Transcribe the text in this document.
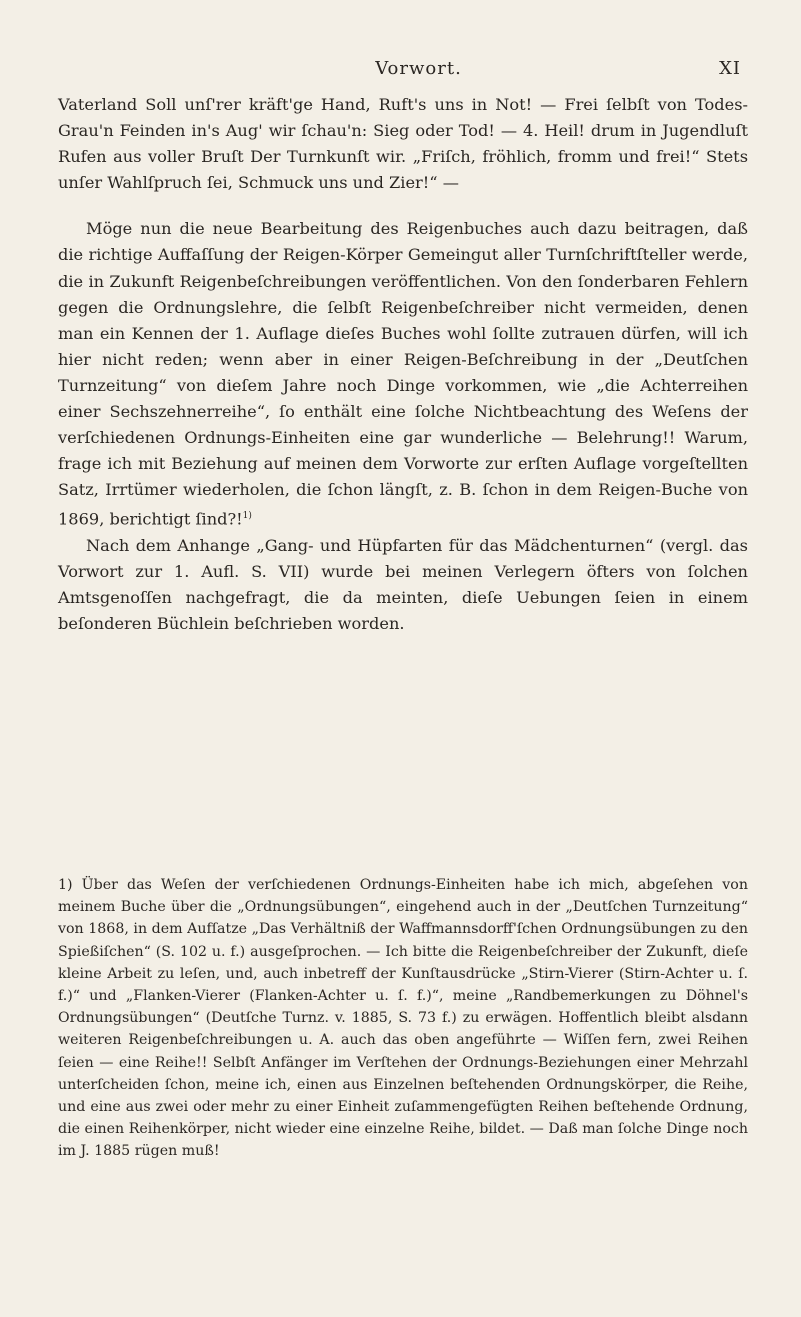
Vorwort.	XI

Vaterland Soll unſ'rer kräft'ge Hand, Ruft's uns in Not! — Frei ſelbſt von Todes-Grau'n Feinden in's Aug' wir ſchau'n: Sieg oder Tod! — 4. Heil! drum in Jugendluſt Rufen aus voller Bruſt Der Turnkunſt wir. „Friſch, fröhlich, fromm und frei!“ Stets unſer Wahlſpruch ſei, Schmuck uns und Zier!“ —

Möge nun die neue Bearbeitung des Reigenbuches auch dazu beitragen, daß die richtige Auffaſſung der Reigen-Körper Gemeingut aller Turnſchriftſteller werde, die in Zukunft Reigenbeſchreibungen veröffentlichen. Von den ſonderbaren Fehlern gegen die Ordnungslehre, die ſelbſt Reigenbeſchreiber nicht vermeiden, denen man ein Kennen der 1. Auflage dieſes Buches wohl ſollte zutrauen dürfen, will ich hier nicht reden; wenn aber in einer Reigen-Beſchreibung in der „Deutſchen Turnzeitung“ von dieſem Jahre noch Dinge vorkommen, wie „die Achterreihen einer Sechszehnerreihe“, ſo enthält eine ſolche Nichtbeachtung des Weſens der verſchiedenen Ordnungs-Einheiten eine gar wunderliche — Belehrung!! Warum, frage ich mit Beziehung auf meinen dem Vorworte zur erſten Auflage vorgeſtellten Satz, Irrtümer wiederholen, die ſchon längſt, z. B. ſchon in dem Reigen-Buche von 1869, berichtigt ſind?!$^{1)}$

Nach dem Anhange „Gang- und Hüpfarten für das Mädchenturnen“ (vergl. das Vorwort zur 1. Aufl. S. VII) wurde bei meinen Verlegern öfters von ſolchen Amtsgenoſſen nachgefragt, die da meinten, dieſe Uebungen ſeien in einem beſonderen Büchlein beſchrieben worden.

1) Über das Weſen der verſchiedenen Ordnungs-Einheiten habe ich mich, abgeſehen von meinem Buche über die „Ordnungsübungen“, eingehend auch in der „Deutſchen Turnzeitung“ von 1868, in dem Aufſatze „Das Verhältniß der Waffmannsdorff'ſchen Ordnungsübungen zu den Spießiſchen“ (S. 102 u. f.) ausgeſprochen. — Ich bitte die Reigenbeſchreiber der Zukunft, dieſe kleine Arbeit zu leſen, und, auch inbetreff der Kunſtausdrücke „Stirn-Vierer (Stirn-Achter u. ſ. f.)“ und „Flanken-Vierer (Flanken-Achter u. ſ. f.)“, meine „Randbemerkungen zu Döhnel's Ordnungsübungen“ (Deutſche Turnz. v. 1885, S. 73 f.) zu erwägen. Hoffentlich bleibt alsdann weiteren Reigenbeſchreibungen u. A. auch das oben angeführte — Wiſſen fern, zwei Reihen ſeien — eine Reihe!! Selbſt Anfänger im Verſtehen der Ordnungs-Beziehungen einer Mehrzahl unterſcheiden ſchon, meine ich, einen aus Einzelnen beſtehenden Ordnungskörper, die Reihe, und eine aus zwei oder mehr zu einer Einheit zuſammengefügten Reihen beſtehende Ordnung, die einen Reihenkörper, nicht wieder eine einzelne Reihe, bildet. — Daß man ſolche Dinge noch im J. 1885 rügen muß!
